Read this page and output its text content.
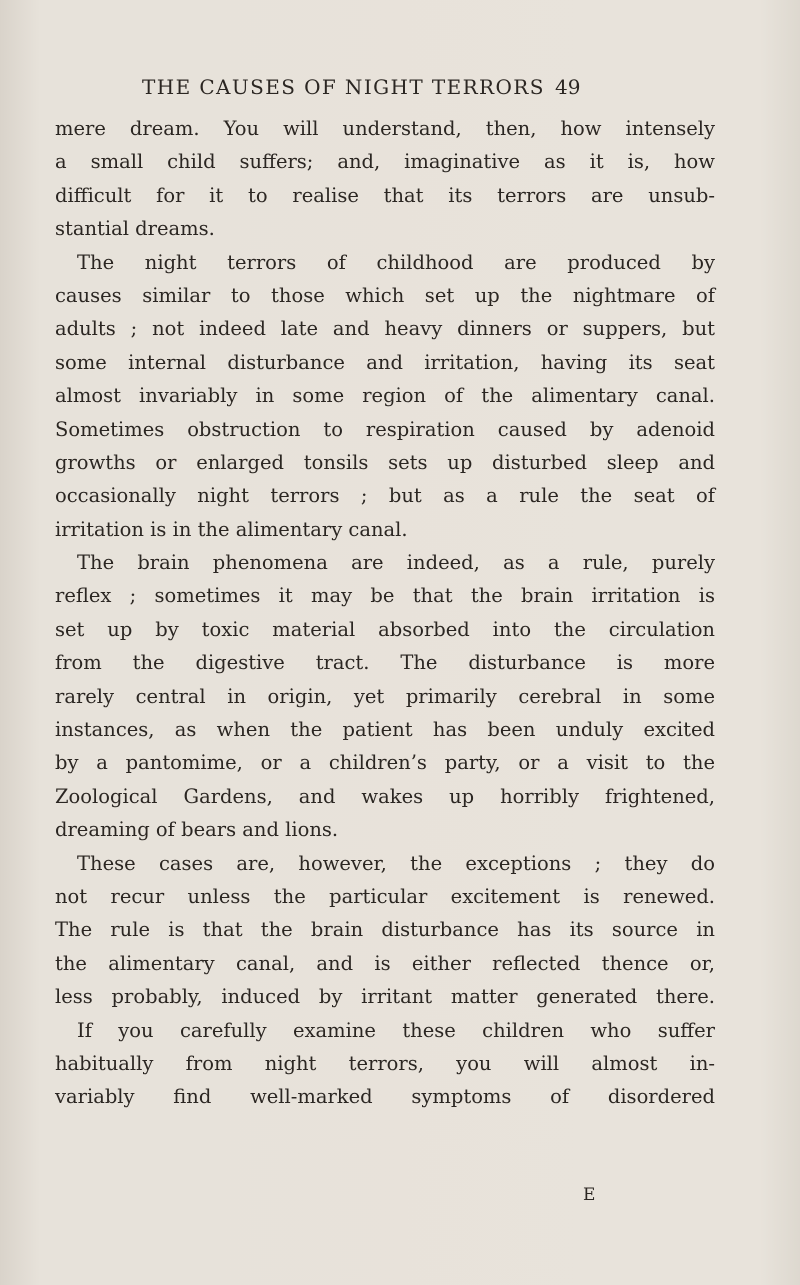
THE CAUSES OF NIGHT TERRORS 49
mere dream. You will understand, then, how intensely
a small child suffers; and, imaginative as it is, how
difficult for it to realise that its terrors are unsub-
stantial dreams.
The night terrors of childhood are produced by
causes similar to those which set up the nightmare of
adults ; not indeed late and heavy dinners or suppers, but
some internal disturbance and irritation, having its seat
almost invariably in some region of the alimentary canal.
Sometimes obstruction to respiration caused by adenoid
growths or enlarged tonsils sets up disturbed sleep and
occasionally night terrors ; but as a rule the seat of
irritation is in the alimentary canal.
The brain phenomena are indeed, as a rule, purely
reflex ; sometimes it may be that the brain irritation is
set up by toxic material absorbed into the circulation
from the digestive tract. The disturbance is more
rarely central in origin, yet primarily cerebral in some
instances, as when the patient has been unduly excited
by a pantomime, or a children’s party, or a visit to the
Zoological Gardens, and wakes up horribly frightened,
dreaming of bears and lions.
These cases are, however, the exceptions ; they do
not recur unless the particular excitement is renewed.
The rule is that the brain disturbance has its source in
the alimentary canal, and is either reflected thence or,
less probably, induced by irritant matter generated there.
If you carefully examine these children who suffer
habitually from night terrors, you will almost in-
variably find well-marked symptoms of disordered
E
